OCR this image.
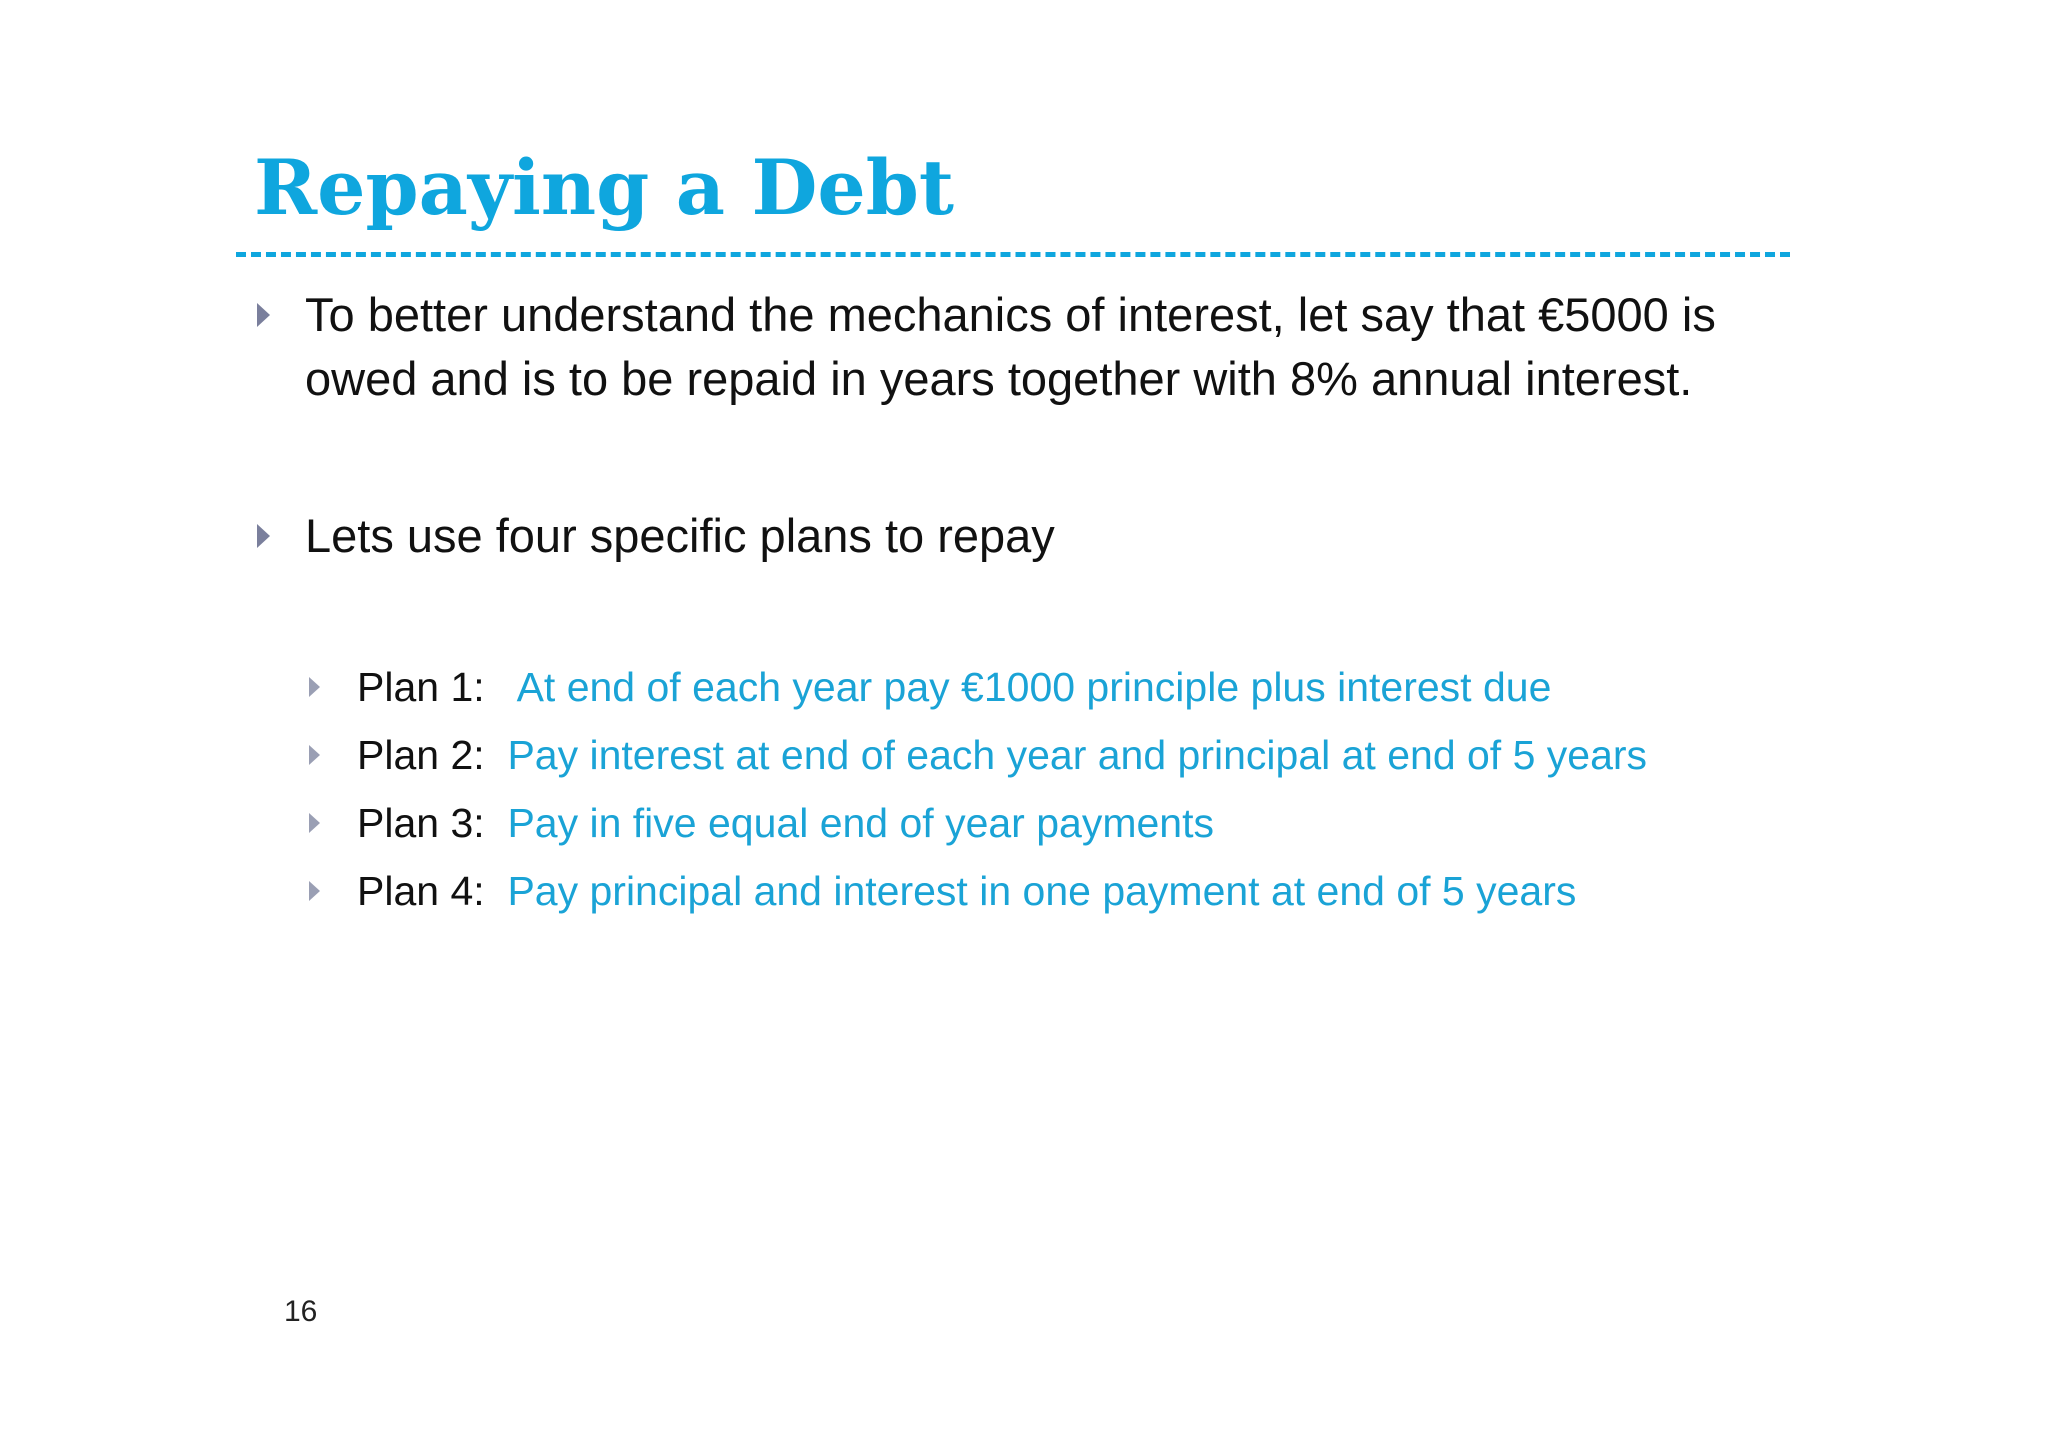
Repaying a Debt
To better understand the mechanics of interest, let say that €5000 is owed and is to be repaid in years together with 8% annual interest.
Lets use four specific plans to repay
Plan 1: At end of each year pay €1000 principle plus interest due
Plan 2: Pay interest at end of each year and principal at end of 5 years
Plan 3: Pay in five equal end of year payments
Plan 4: Pay principal and interest in one payment at end of 5 years
16
